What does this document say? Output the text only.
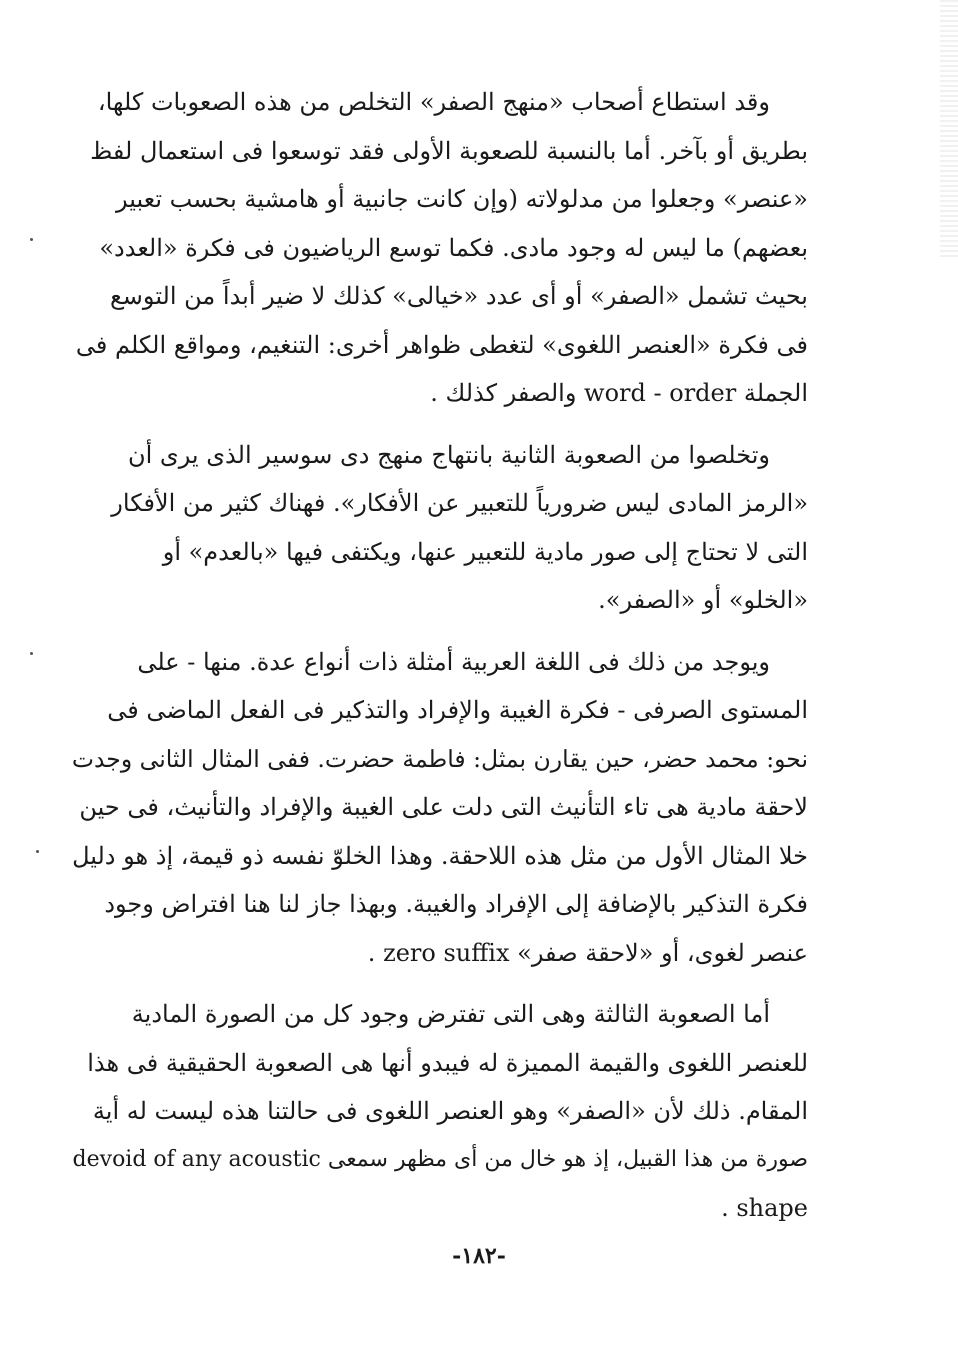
وقد استطاع أصحاب «منهج الصفر» التخلص من هذه الصعوبات كلها،
بطريق أو بآخر. أما بالنسبة للصعوبة الأولى فقد توسعوا فى استعمال لفظ
«عنصر» وجعلوا من مدلولاته (وإن كانت جانبية أو هامشية بحسب تعبير
بعضهم) ما ليس له وجود مادى. فكما توسع الرياضيون فى فكرة «العدد»
بحيث تشمل «الصفر» أو أى عدد «خيالى» كذلك لا ضير أبداً من التوسع
فى فكرة «العنصر اللغوى» لتغطى ظواهر أخرى: التنغيم، ومواقع الكلم فى
الجملة word - order والصفر كذلك .
وتخلصوا من الصعوبة الثانية بانتهاج منهج دى سوسير الذى يرى أن
«الرمز المادى ليس ضرورياً للتعبير عن الأفكار». فهناك كثير من الأفكار
التى لا تحتاج إلى صور مادية للتعبير عنها، ويكتفى فيها «بالعدم» أو
«الخلو» أو «الصفر».
ويوجد من ذلك فى اللغة العربية أمثلة ذات أنواع عدة. منها - على
المستوى الصرفى - فكرة الغيبة والإفراد والتذكير فى الفعل الماضى فى
نحو: محمد حضر، حين يقارن بمثل: فاطمة حضرت. ففى المثال الثانى وجدت
لاحقة مادية هى تاء التأنيث التى دلت على الغيبة والإفراد والتأنيث، فى حين
خلا المثال الأول من مثل هذه اللاحقة. وهذا الخلوّ نفسه ذو قيمة، إذ هو دليل
فكرة التذكير بالإضافة إلى الإفراد والغيبة. وبهذا جاز لنا هنا افتراض وجود
عنصر لغوى، أو «لاحقة صفر» zero suffix .
أما الصعوبة الثالثة وهى التى تفترض وجود كل من الصورة المادية
للعنصر اللغوى والقيمة المميزة له فيبدو أنها هى الصعوبة الحقيقية فى هذا
المقام. ذلك لأن «الصفر» وهو العنصر اللغوى فى حالتنا هذه ليست له أية
صورة من هذا القبيل، إذ هو خال من أى مظهر سمعى devoid of any acoustic
shape .
-١٨٢-
